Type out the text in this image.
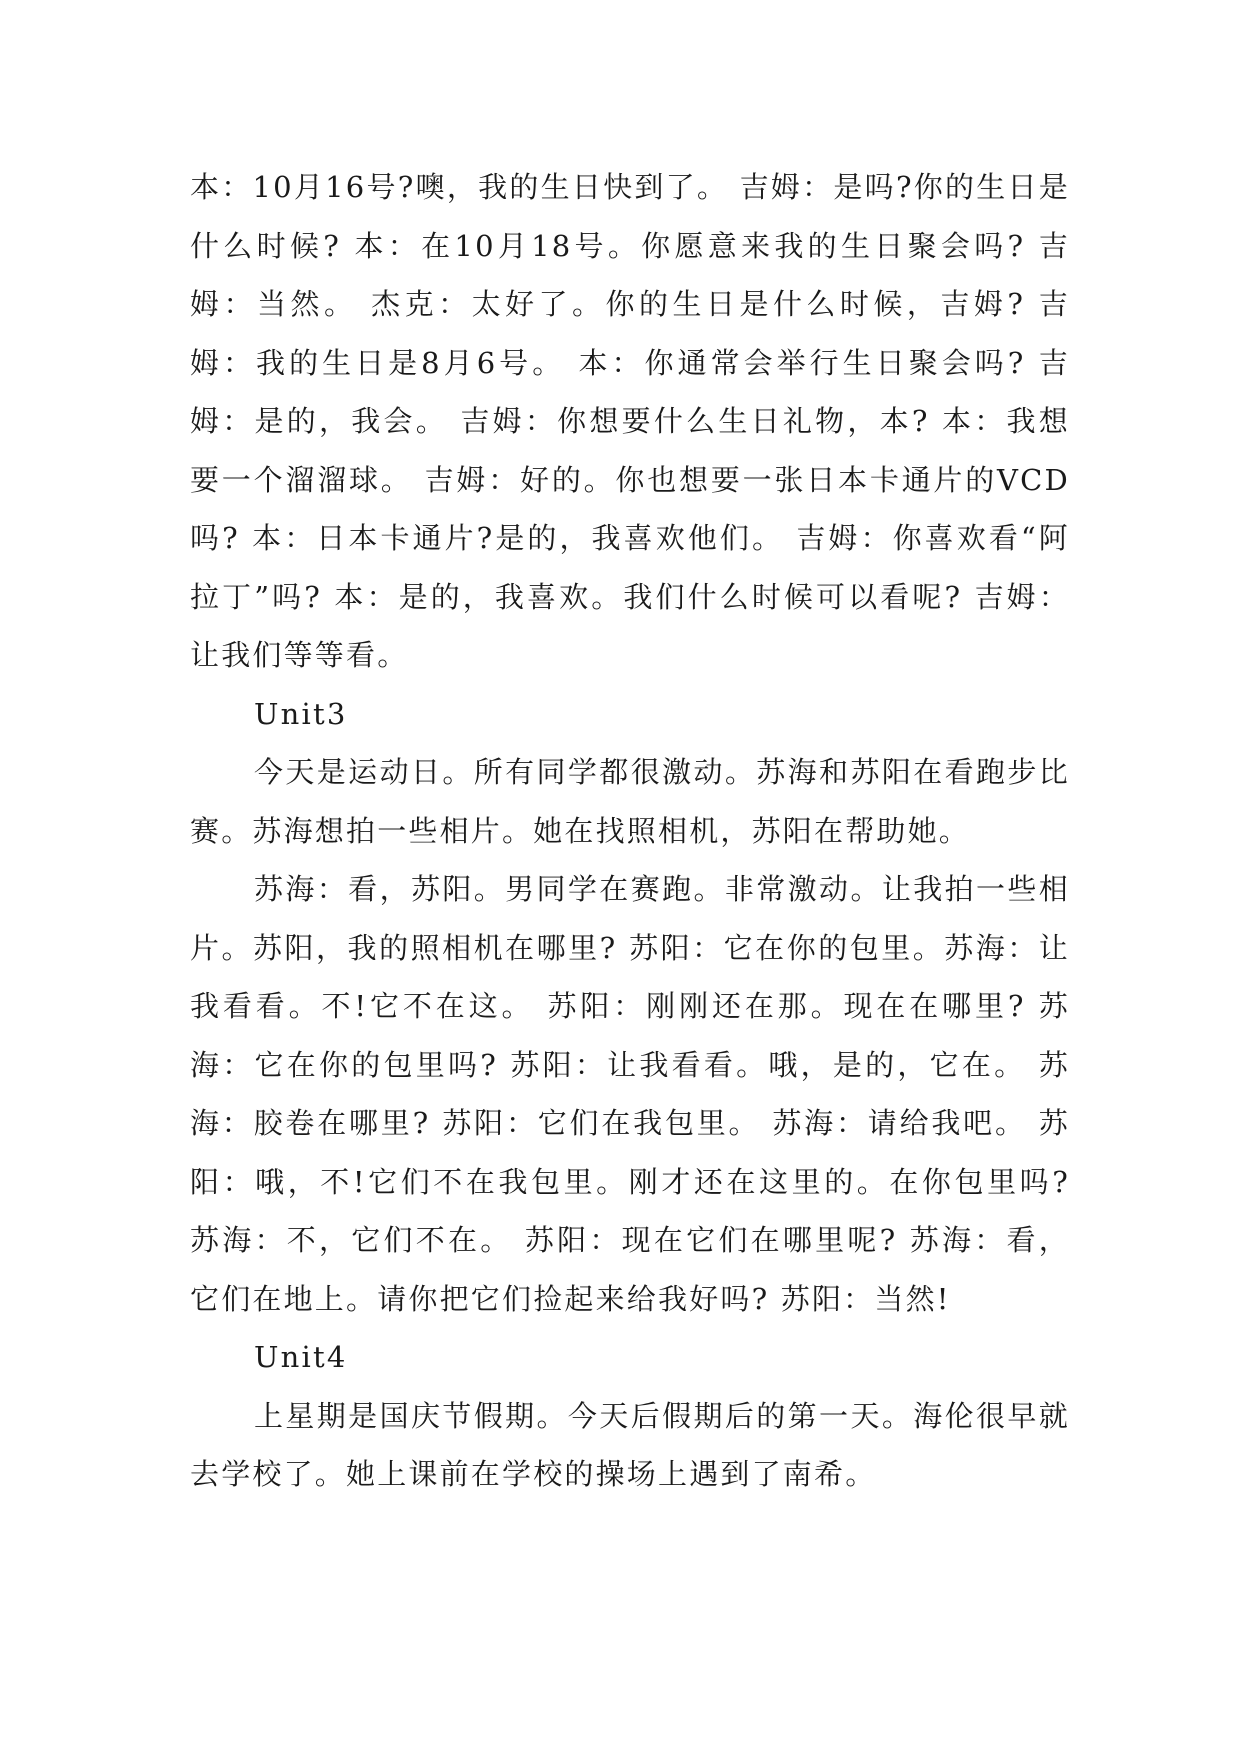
本：10月16号?噢，我的生日快到了。 吉姆：是吗?你的生日是什么时候? 本：在10月18号。你愿意来我的生日聚会吗? 吉姆：当然。 杰克：太好了。你的生日是什么时候，吉姆? 吉姆：我的生日是8月6号。 本：你通常会举行生日聚会吗? 吉姆：是的，我会。 吉姆：你想要什么生日礼物，本? 本：我想要一个溜溜球。 吉姆：好的。你也想要一张日本卡通片的VCD吗? 本：日本卡通片?是的，我喜欢他们。 吉姆：你喜欢看“阿拉丁”吗? 本：是的，我喜欢。我们什么时候可以看呢? 吉姆：让我们等等看。

Unit3

今天是运动日。所有同学都很激动。苏海和苏阳在看跑步比赛。苏海想拍一些相片。她在找照相机，苏阳在帮助她。

苏海：看，苏阳。男同学在赛跑。非常激动。让我拍一些相片。苏阳，我的照相机在哪里? 苏阳：它在你的包里。苏海：让我看看。不!它不在这。 苏阳：刚刚还在那。现在在哪里? 苏海：它在你的包里吗? 苏阳：让我看看。哦，是的，它在。 苏海：胶卷在哪里? 苏阳：它们在我包里。 苏海：请给我吧。 苏阳：哦，不!它们不在我包里。刚才还在这里的。在你包里吗? 苏海：不，它们不在。 苏阳：现在它们在哪里呢? 苏海：看，它们在地上。请你把它们捡起来给我好吗? 苏阳：当然!

Unit4

上星期是国庆节假期。今天后假期后的第一天。海伦很早就去学校了。她上课前在学校的操场上遇到了南希。
